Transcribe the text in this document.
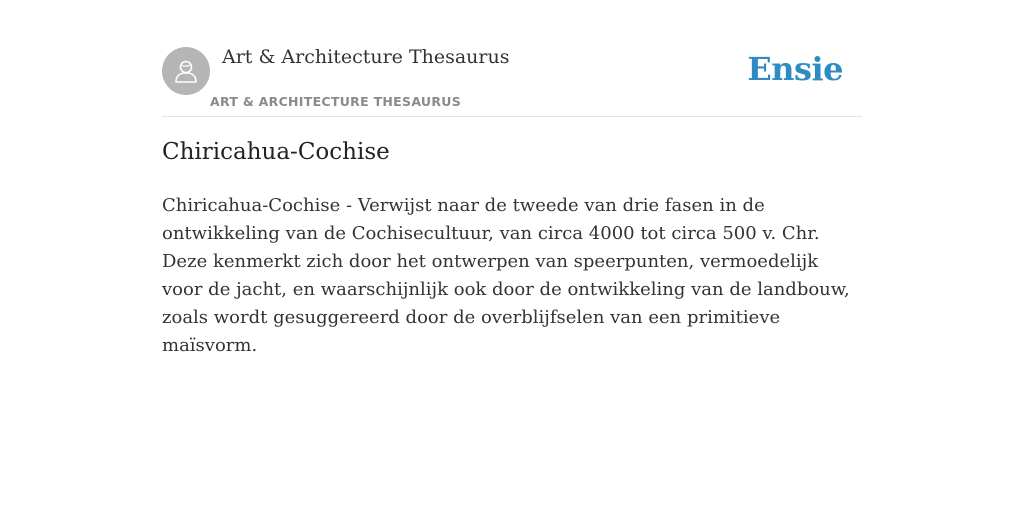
Art & Architecture Thesaurus
ART & ARCHITECTURE THESAURUS
Ensie
Chiricahua-Cochise

Chiricahua-Cochise - Verwijst naar de tweede van drie fasen in de ontwikkeling van de Cochisecultuur, van circa 4000 tot circa 500 v. Chr. Deze kenmerkt zich door het ontwerpen van speerpunten, vermoedelijk voor de jacht, en waarschijnlijk ook door de ontwikkeling van de landbouw, zoals wordt gesuggereerd door de overblijfselen van een primitieve maïsvorm.
